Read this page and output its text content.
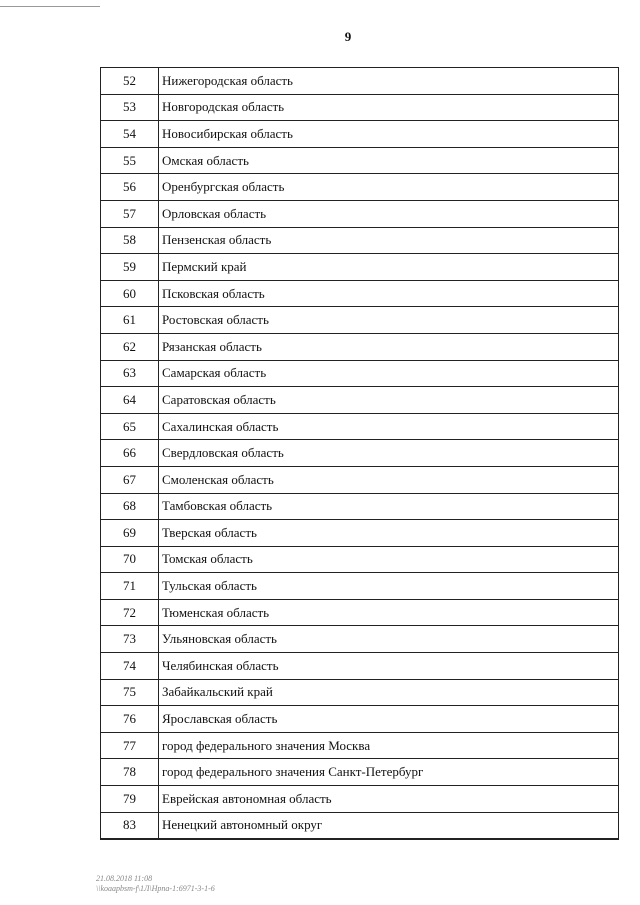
9
52	Нижегородская область
53	Новгородская область
54	Новосибирская область
55	Омская область
56	Оренбургская область
57	Орловская область
58	Пензенская область
59	Пермский край
60	Псковская область
61	Ростовская область
62	Рязанская область
63	Самарская область
64	Саратовская область
65	Сахалинская область
66	Свердловская область
67	Смоленская область
68	Тамбовская область
69	Тверская область
70	Томская область
71	Тульская область
72	Тюменская область
73	Ульяновская область
74	Челябинская область
75	Забайкальский край
76	Ярославская область
77	город федерального значения Москва
78	город федерального значения Санкт-Петербург
79	Еврейская автономная область
83	Ненецкий автономный округ
21.08.2018 11:08
\\koaapbsm-f\1Л\Нрпа-1:6971-3-1-6
